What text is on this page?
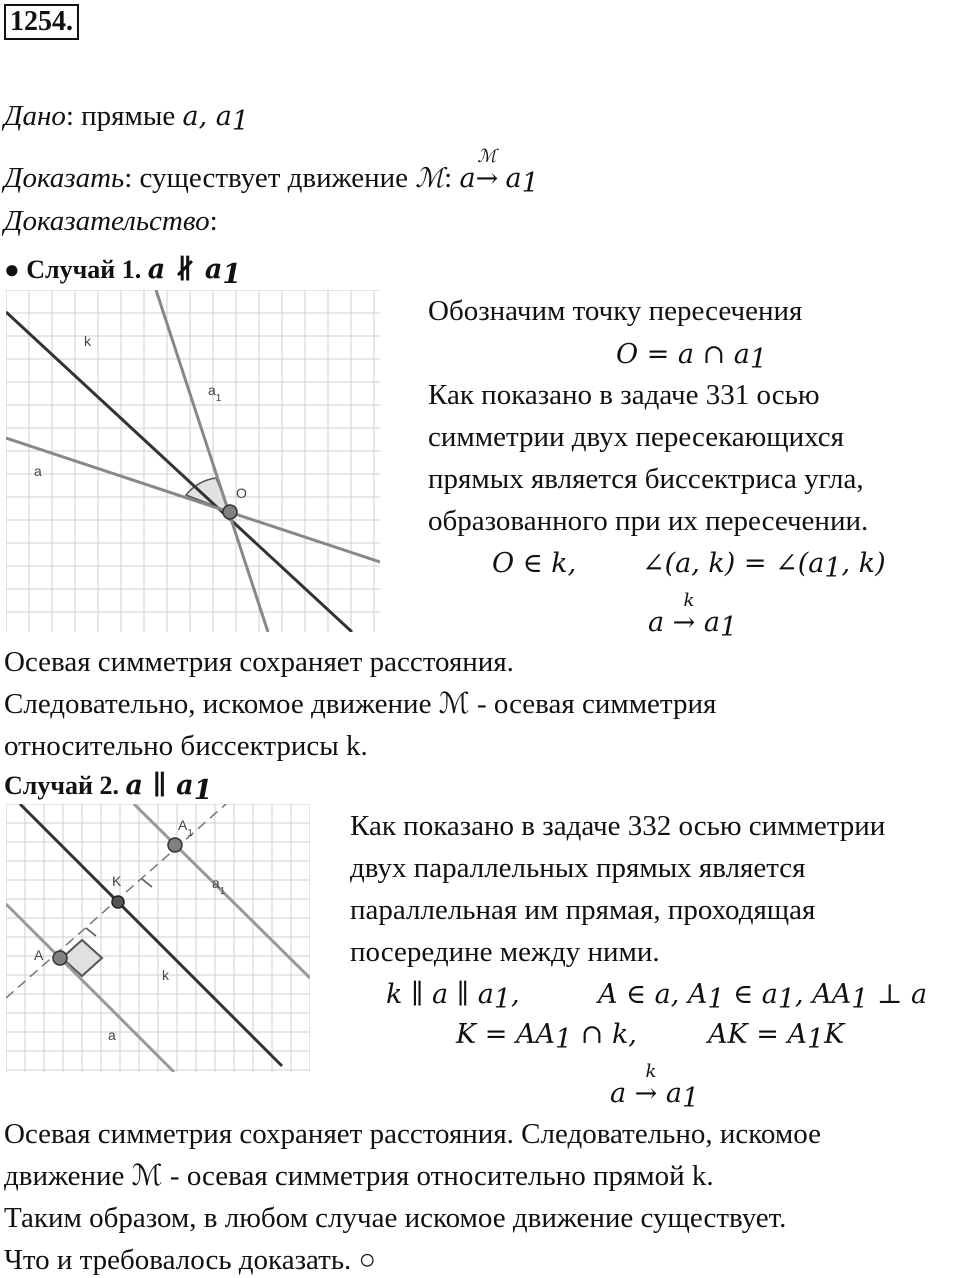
1254.
Дано: прямые a, $a_1$
Доказать: существует движение ℳ: a
ℳ
→ $a_1$
Доказательство:
● Случай 1. a ∦ $a_1$
k
$a_1$
a
O
Обозначим точку пересечения
O = a ∩ $a_1$
Как показано в задаче 331 осью
симметрии двух пересекающихся
прямых является биссектриса угла,
образованного при их пересечении.
O ∈ k, ∠(a, $k) = \angle(a_1$, k)
k
$a \to a_1$
Осевая симметрия сохраняет расстояния.
Следовательно, искомое движение ℳ - осевая симметрия
относительно биссектрисы k.
Случай 2. a ∥ $a_1$
$A_1$
K
A
$a_1$
k
a
Как показано в задаче 332 осью симметрии
двух параллельных прямых является
параллельная им прямая, проходящая
посередине между ними.
k ∥ a ∥ $a_1$,	A ∈ a, $A_1$ ∈ $a_1$, $AA_1$ ⊥ a
$K = AA_1$ ∩ k,	AK = $A_1K$
k
$a \to a_1$
Осевая симметрия сохраняет расстояния. Следовательно, искомое
движение ℳ - осевая симметрия относительно прямой k.
Таким образом, в любом случае искомое движение существует.
Что и требовалось доказать. ○
